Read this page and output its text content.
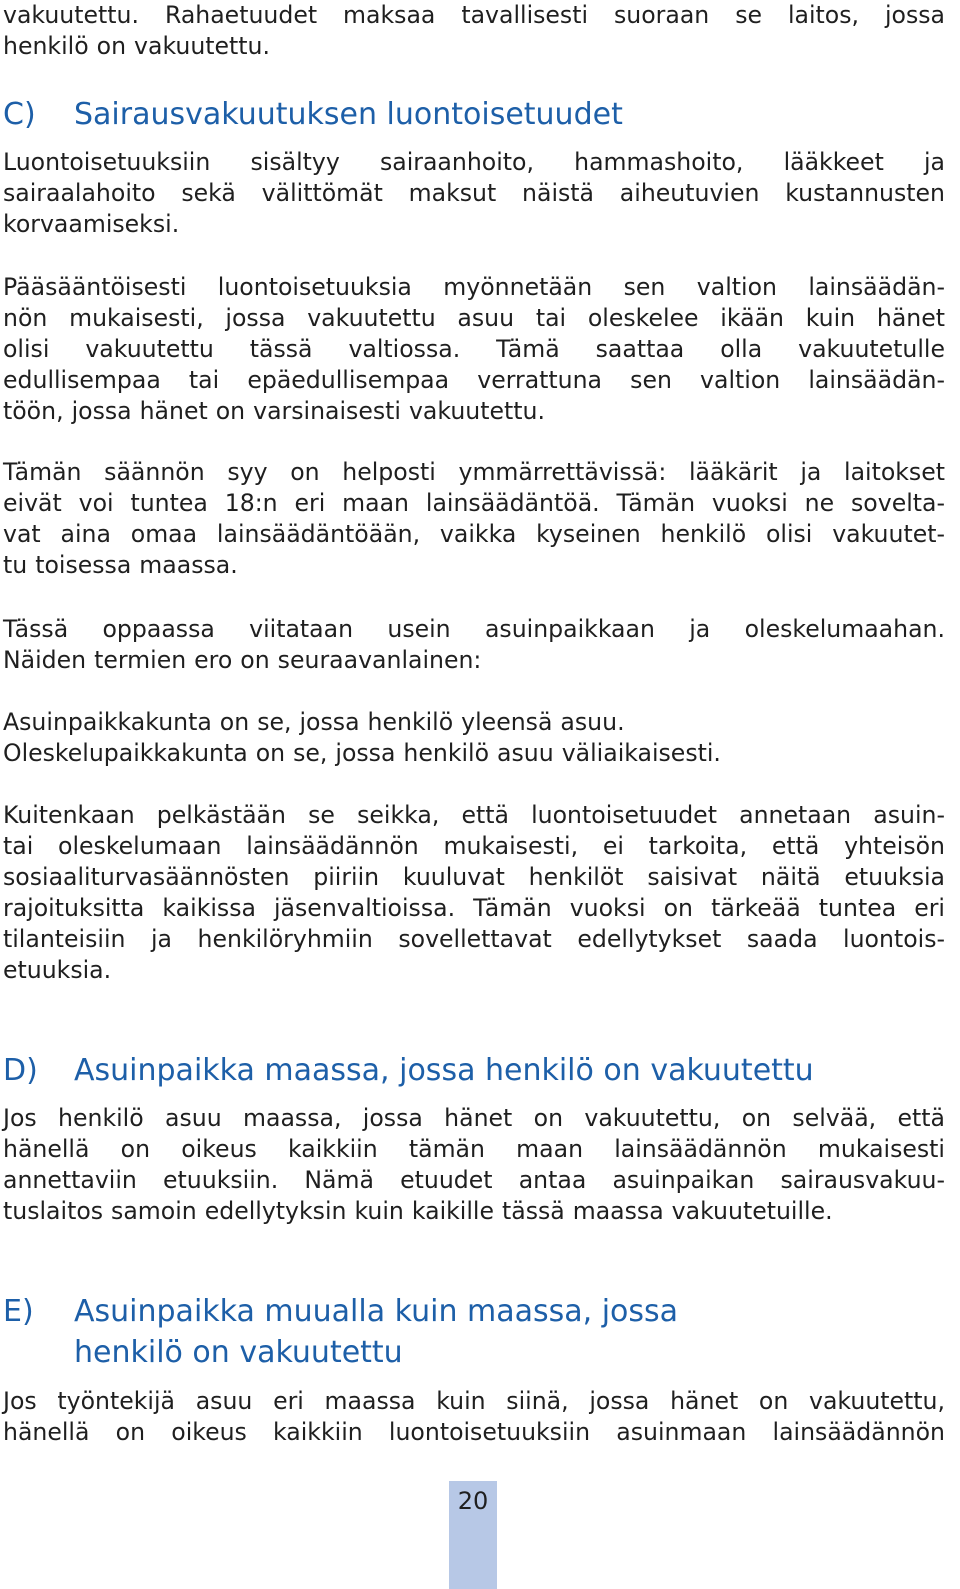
vakuutettu. Rahaetuudet maksaa tavallisesti suoraan se laitos, jossa
henkilö on vakuutettu.
C) Sairausvakuutuksen luontoisetuudet
Luontoisetuuksiin sisältyy sairaanhoito, hammashoito, lääkkeet ja
sairaalahoito sekä välittömät maksut näistä aiheutuvien kustannusten
korvaamiseksi.
Pääsääntöisesti luontoisetuuksia myönnetään sen valtion lainsäädän-
nön mukaisesti, jossa vakuutettu asuu tai oleskelee ikään kuin hänet
olisi vakuutettu tässä valtiossa. Tämä saattaa olla vakuutetulle
edullisempaa tai epäedullisempaa verrattuna sen valtion lainsäädän-
töön, jossa hänet on varsinaisesti vakuutettu.
Tämän säännön syy on helposti ymmärrettävissä: lääkärit ja laitokset
eivät voi tuntea 18:n eri maan lainsäädäntöä. Tämän vuoksi ne sovelta-
vat aina omaa lainsäädäntöään, vaikka kyseinen henkilö olisi vakuutet-
tu toisessa maassa.
Tässä oppaassa viitataan usein asuinpaikkaan ja oleskelumaahan.
Näiden termien ero on seuraavanlainen:
Asuinpaikkakunta on se, jossa henkilö yleensä asuu.
Oleskelupaikkakunta on se, jossa henkilö asuu väliaikaisesti.
Kuitenkaan pelkästään se seikka, että luontoisetuudet annetaan asuin-
tai oleskelumaan lainsäädännön mukaisesti, ei tarkoita, että yhteisön
sosiaaliturvasäännösten piiriin kuuluvat henkilöt saisivat näitä etuuksia
rajoituksitta kaikissa jäsenvaltioissa. Tämän vuoksi on tärkeää tuntea eri
tilanteisiin ja henkilöryhmiin sovellettavat edellytykset saada luontois-
etuuksia.
D) Asuinpaikka maassa, jossa henkilö on vakuutettu
Jos henkilö asuu maassa, jossa hänet on vakuutettu, on selvää, että
hänellä on oikeus kaikkiin tämän maan lainsäädännön mukaisesti
annettaviin etuuksiin. Nämä etuudet antaa asuinpaikan sairausvakuu-
tuslaitos samoin edellytyksin kuin kaikille tässä maassa vakuutetuille.
E) Asuinpaikka muualla kuin maassa, jossa
henkilö on vakuutettu
Jos työntekijä asuu eri maassa kuin siinä, jossa hänet on vakuutettu,
hänellä on oikeus kaikkiin luontoisetuuksiin asuinmaan lainsäädännön
20
